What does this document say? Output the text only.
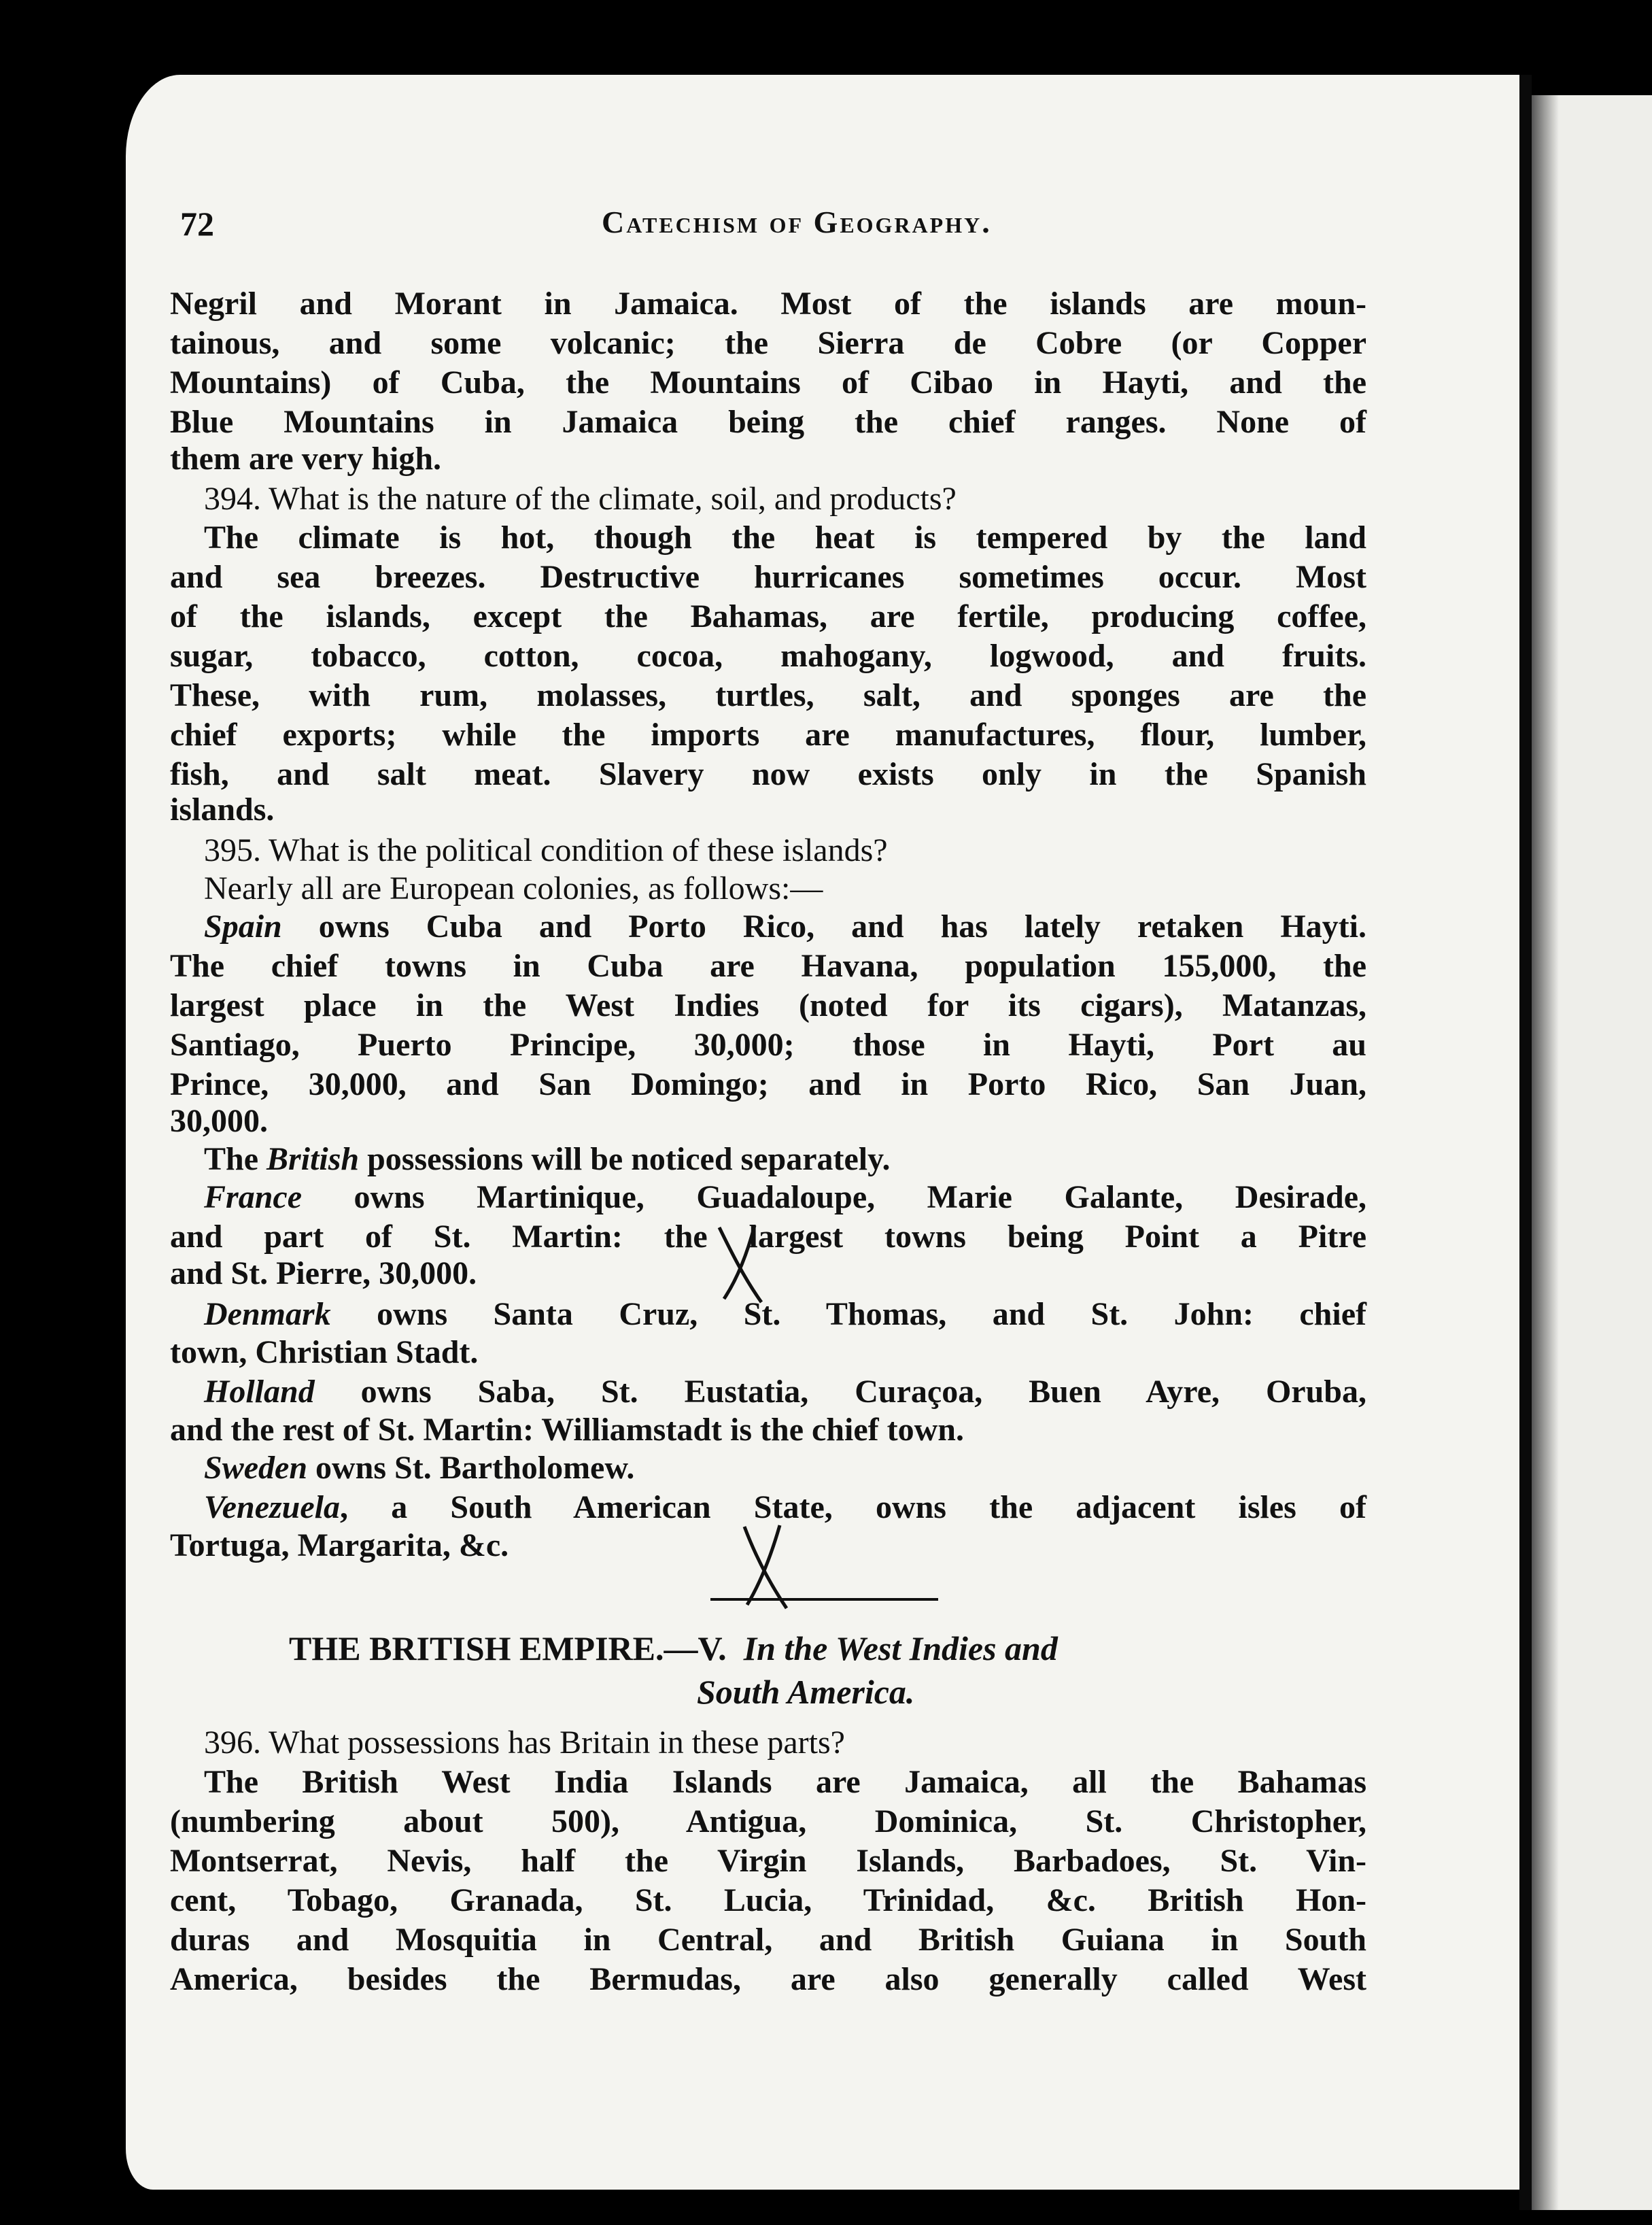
72	Catechism of Geography.
Negril and Morant in Jamaica. Most of the islands are moun-
tainous, and some volcanic; the Sierra de Cobre (or Copper
Mountains) of Cuba, the Mountains of Cibao in Hayti, and the
Blue Mountains in Jamaica being the chief ranges. None of
them are very high.
394. What is the nature of the climate, soil, and products?
The climate is hot, though the heat is tempered by the land
and sea breezes. Destructive hurricanes sometimes occur. Most
of the islands, except the Bahamas, are fertile, producing coffee,
sugar, tobacco, cotton, cocoa, mahogany, logwood, and fruits.
These, with rum, molasses, turtles, salt, and sponges are the
chief exports; while the imports are manufactures, flour, lumber,
fish, and salt meat. Slavery now exists only in the Spanish
islands.
395. What is the political condition of these islands?
Nearly all are European colonies, as follows:—
Spain owns Cuba and Porto Rico, and has lately retaken Hayti.
The chief towns in Cuba are Havana, population 155,000, the
largest place in the West Indies (noted for its cigars), Matanzas,
Santiago, Puerto Principe, 30,000; those in Hayti, Port au
Prince, 30,000, and San Domingo; and in Porto Rico, San Juan,
30,000.
The British possessions will be noticed separately.
France owns Martinique, Guadaloupe, Marie Galante, Desirade,
and part of St. Martin: the largest towns being Point a Pitre
and St. Pierre, 30,000.
Denmark owns Santa Cruz, St. Thomas, and St. John: chief
town, Christian Stadt.
Holland owns Saba, St. Eustatia, Curaçoa, Buen Ayre, Oruba,
and the rest of St. Martin: Williamstadt is the chief town.
Sweden owns St. Bartholomew.
Venezuela, a South American State, owns the adjacent isles of
Tortuga, Margarita, &c.
396. What possessions has Britain in these parts?
The British West India Islands are Jamaica, all the Bahamas
(numbering about 500), Antigua, Dominica, St. Christopher,
Montserrat, Nevis, half the Virgin Islands, Barbadoes, St. Vin-
cent, Tobago, Granada, St. Lucia, Trinidad, &c. British Hon-
duras and Mosquitia in Central, and British Guiana in South
America, besides the Bermudas, are also generally called West
THE BRITISH EMPIRE.—V. In the West Indies and
South America.
